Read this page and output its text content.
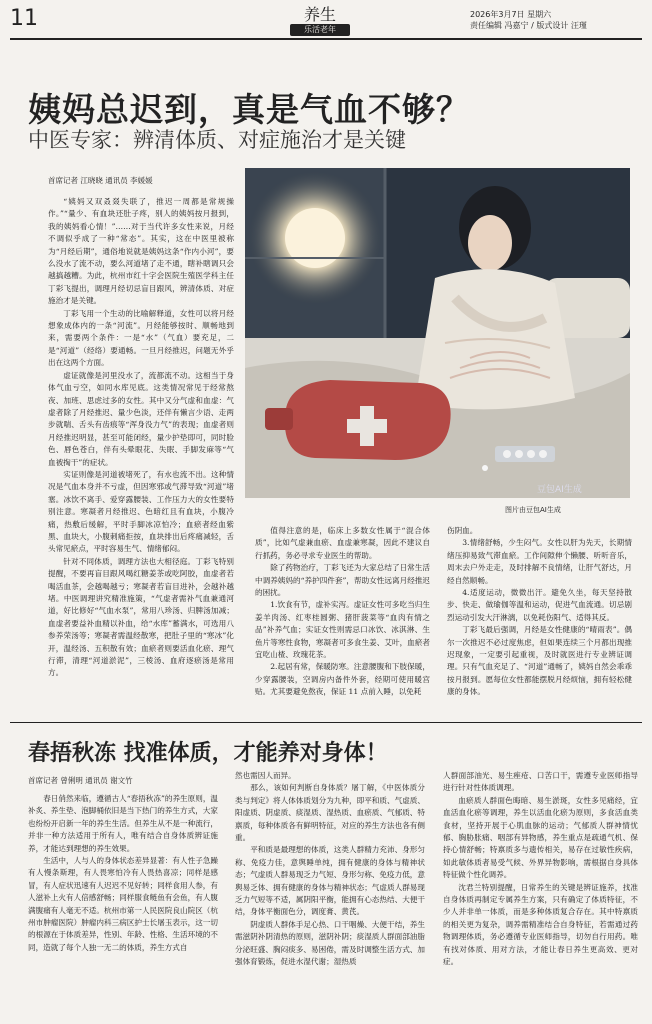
11	养生
乐活老年
2026年3月7日 星期六
责任编辑 冯嘉宁 / 版式设计 汪瑾
姨妈总迟到，真是气血不够？
中医专家：辨清体质、对症施治才是关键
首席记者 江晓晓 通讯员 李媛媛

“姨妈又双叒叕失联了，推迟一周都是常规操作。”“量少、有血块还肚子疼，别人的姨妈按月报到，我的姨妈看心情！”……对于当代许多女性来说，月经不调似乎成了一种“常态”。其实，这在中医里被称为“月经后期”，通俗地说就是姨妈这条“作内小河”，要么没水了流不动，要么河道堵了走不通，瞎补瞎调只会越搞越糟。为此，杭州市红十字会医院生殖医学科主任丁彩飞提出，调理月经切忌盲目跟风，辨清体质、对症施治才是关键。

丁彩飞用一个生动的比喻解释道，女性可以将月经想象成体内的一条“河流”。月经能够按时、顺畅地到来，需要两个条件：一是“水”（气血）要充足，二是“河道”（经络）要通畅。一旦月经推迟，问题无外乎出在这两个方面。

虚证就像是河里没水了，流都流不动。这相当于身体气血亏空，如同水库见底。这类情况常见于经常熬夜、加班、思虑过多的女性。其中又分气虚和血虚：气虚者除了月经推迟、量少色淡，还伴有懒言少语、走两步就喘、舌头有齿痕等“浑身没力气”的表现；血虚者则月经推迟明显，甚至可能闭经，量少护垫即可，同时脸色、唇色苍白，伴有头晕眼花、失眠、手脚发麻等“气血被掏干”的症状。

实证则像是河道被堵死了，有水也流不出。这种情况是气血本身并不亏虚，但因寒邪或气滞导致“河道”堵塞。冰饮不离手、爱穿露腰装、工作压力大的女性要特别注意。寒凝者月经推迟、色暗红且有血块，小腹冷痛，热敷后缓解，平时手脚冰凉怕冷；血瘀者经血紫黑、血块大，小腹刺痛拒按，血块排出后疼痛减轻，舌头常见瘀点，平时容易生气、情绪郁闷。

针对不同体质，调理方法也大相径庭。丁彩飞特别提醒，不要再盲目跟风喝红糖姜茶或吃阿胶，血虚者若喝活血茶，会越喝越亏；寒凝者若盲目进补，会越补越堵。中医调理讲究精准施策，“气虚者需补气血兼通河道，好比修好“气血水泵”，常用八珍汤、归脾汤加减；血虚者要益补血精以补血，给“水库”蓄满水，可选用八参养荣汤等；寒凝者需温经散寒，把肚子里的“寒冰”化开，温经汤、五积散有效；血瘀者则要活血化瘀、理气行滞，清理“河道淤泥”，三棱汤、血府逐瘀汤是常用方。

豆包AI生成
图片由豆包AI生成

值得注意的是，临床上多数女性属于“混合体质”，比如气虚兼血瘀、血虚兼寒凝，因此不建议自行抓药，务必寻求专业医生的帮助。

除了药物治疗，丁彩飞还为大家总结了日常生活中调养姨妈的“养护四件套”，帮助女性远离月经推迟的困扰。

1.饮食有节，虚补实泻。虚证女性可多吃当归生姜羊肉汤、红枣桂圆粥、猪肝菠菜等“血肉有情之品”补养气血；实证女性则需忌口冰饮、冰淇淋、生鱼片等寒性食物，寒凝者可多食生姜、艾叶，血瘀者宜吃山楂、玫瑰花茶。

2.起居有常，保暖防寒。注意腰腹和下肢保暖，少穿露腰装，空调房内备件外套，经期可使用暖宫贴。尤其要避免熬夜，保证 11 点前入睡，以免耗

伤阴血。

3.情绪舒畅，少生闷气。女性以肝为先天，长期情绪压抑易致气滞血瘀。工作间隙伸个懒腰、听听音乐，周末去户外走走，及时排解不良情绪，让肝气舒达，月经自然顺畅。

4.适度运动，微微出汗。避免久坐，每天坚持散步、快走、做瑜伽等温和运动，促进气血流通。切忌剧烈运动引发大汗淋漓，以免耗伤阳气、适得其反。

丁彩飞最后强调，月经是女性健康的“晴雨表”。偶尔一次推迟不必过度焦虑，但如果连续三个月都出现推迟现象，一定要引起重视，及时就医进行专业辨证调理。只有气血充足了、“河道”通畅了，姨妈自然会乖乖按月报到。愿每位女性都能摆脱月经烦恼，拥有轻松健康的身体。

春捂秋冻 找准体质，才能养对身体！
首席记者 曾俐明 通讯员 谢文竹

春日俏然来临，遵循古人“春捂秋冻”的养生原则，温补炙、养生垫、泡脚桶依旧是当下热门的养生方式，大家也纷纷开启新一年的养生生活。但养生从不是一种流行，并非一种方法适用于所有人，唯有结合自身体质辨证施养，才能达到理想的养生效果。

生活中，人与人的身体状态差异显著：有人性子急躁有人慢条斯理，有人畏寒怕冷有人畏热喜凉；同样是感冒，有人症状迅速有人迟迟不见好转；同样食用人参，有人滋补上火有人倍感舒畅；同样服食鲢鱼有会鱼，有人腹满腹痛有人毫无不适。杭州市第一人民医院良山院区（杭州市肿瘤医院）肿瘤内科三病区护士长屠玉表示，这一切的根源在于体质差异，性别、年龄、性格、生活环境的不同，造就了每个人独一无二的体质，养生方式自

然也需因人而异。

那么，该如何判断自身体质？屠丁解，《中医体质分类与判定》将人体体质划分为九种，即平和质、气虚质、阳虚质、阴虚质、痰湿质、湿热质、血瘀质、气郁质、特禀质，每种体质各有鲜明特征，对应的养生方法也各有侧重。

平和质是最理想的体质，这类人群精力充沛、身形匀称、免疫力佳，意舆睡单纯，拥有健康的身体与精神状态；气虚质人群易现乏力气短、身形匀称、免疫力低，意舆易乏体、拥有健康的身体与精神状态；气虚质人群易现乏力气短等不适，属阴阳平衡，能拥有心态热结、大便干结，身体平衡面色分，调度膏、黄芪。

阴虚质人群体手足心热、口干咽燥、大便干结，养生需滋阴补阴清热的原则，滋阴补阴；痰湿质人群面部油脂分泌旺盛、胸闷痰多、易困倦，需及时调整生活方式、加强体育锻炼，促进水湿代谢；湿热质

人群面部油光、易生痤疮、口苦口干，需遵专业医师指导进行针对性体质调理。

血瘀质人群面色晦暗、易生淤斑，女性多见痛经，宜血活血化瘀等调理，养生以活血化瘀为原则，多食活血类食材，坚持开展于心肌血脉的运动；气郁质人群神情忧郁、胸胁胀痛、咽部有异物感，养生重点是疏通气机、保持心情舒畅；特禀质多与遗传相关，易存在过敏性疾病，如此敏体质者易受气候、外界异物影响，需根据自身具体特征做个性化调养。

沈君兰特别提醒，日常养生的关键是辨证施养，找准自身体质再制定专属养生方案，只有确定了体质特征，不少人并非单一体质，而是多种体质复合存在。其中特禀质的相关更为复杂，调养需精准结合自身特征，若需通过药物调理体质，务必遵循专业医师指导，切勿自行用药。唯有找对体质、用对方法，才能让春日养生更高效、更对症。
